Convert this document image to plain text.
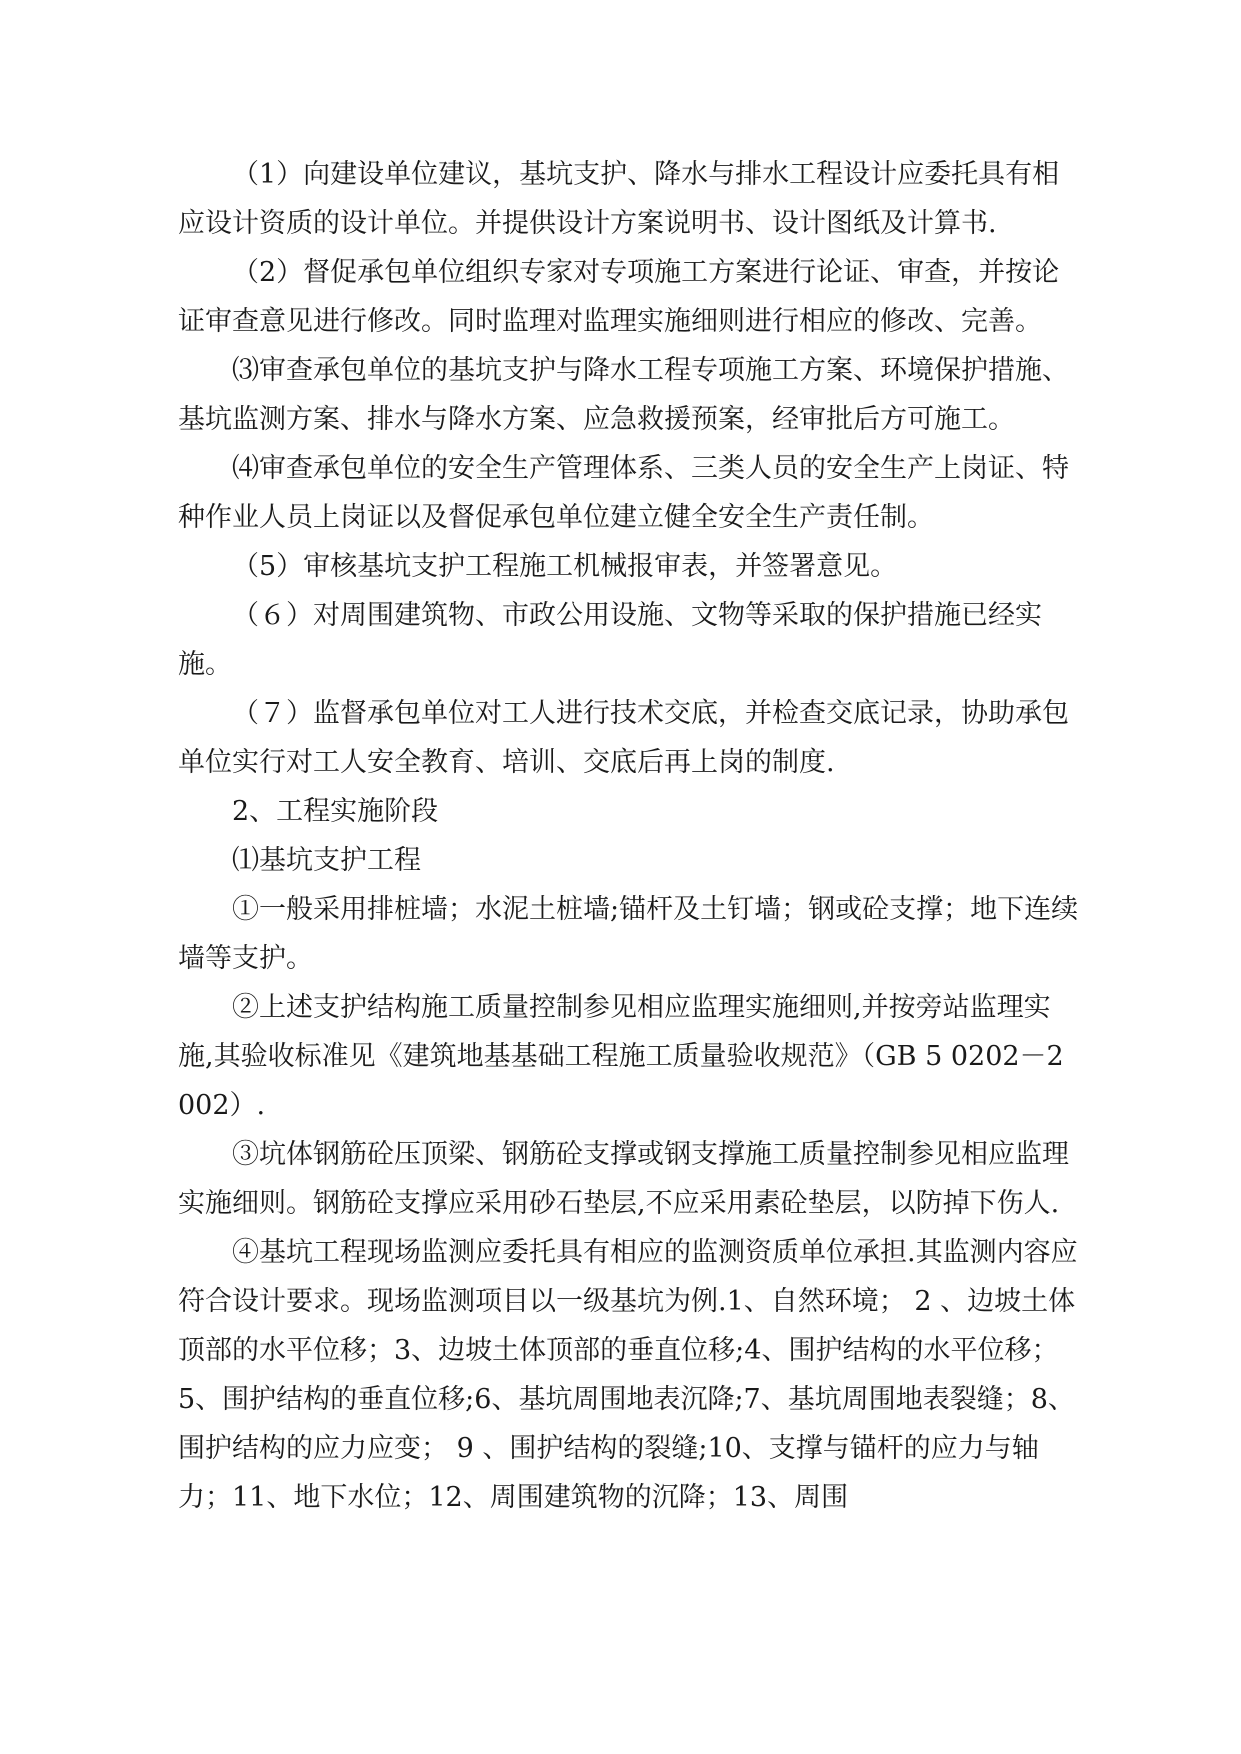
（1）向建设单位建议，基坑支护、降水与排水工程设计应委托具有相应设计资质的设计单位。并提供设计方案说明书、设计图纸及计算书.

（2）督促承包单位组织专家对专项施工方案进行论证、审查，并按论证审查意见进行修改。同时监理对监理实施细则进行相应的修改、完善。

⑶审查承包单位的基坑支护与降水工程专项施工方案、环境保护措施、基坑监测方案、排水与降水方案、应急救援预案，经审批后方可施工。

⑷审查承包单位的安全生产管理体系、三类人员的安全生产上岗证、特种作业人员上岗证以及督促承包单位建立健全安全生产责任制。

（5）审核基坑支护工程施工机械报审表，并签署意见。

（６）对周围建筑物、市政公用设施、文物等采取的保护措施已经实施。

（７）监督承包单位对工人进行技术交底，并检查交底记录，协助承包单位实行对工人安全教育、培训、交底后再上岗的制度.

2、工程实施阶段

⑴基坑支护工程

①一般采用排桩墙；水泥土桩墙;锚杆及土钉墙；钢或砼支撑；地下连续墙等支护。

②上述支护结构施工质量控制参见相应监理实施细则,并按旁站监理实施,其验收标准见《建筑地基基础工程施工质量验收规范》（GB 5 0202－2 002）.

③坑体钢筋砼压顶梁、钢筋砼支撑或钢支撑施工质量控制参见相应监理实施细则。钢筋砼支撑应采用砂石垫层,不应采用素砼垫层，以防掉下伤人.

④基坑工程现场监测应委托具有相应的监测资质单位承担.其监测内容应符合设计要求。现场监测项目以一级基坑为例.1、自然环境； 2 、边坡土体顶部的水平位移；3、边坡土体顶部的垂直位移;4、围护结构的水平位移；5、围护结构的垂直位移;6、基坑周围地表沉降;7、基坑周围地表裂缝；8、围护结构的应力应变； 9 、围护结构的裂缝;10、支撑与锚杆的应力与轴力；11、地下水位；12、周围建筑物的沉降；13、周围
